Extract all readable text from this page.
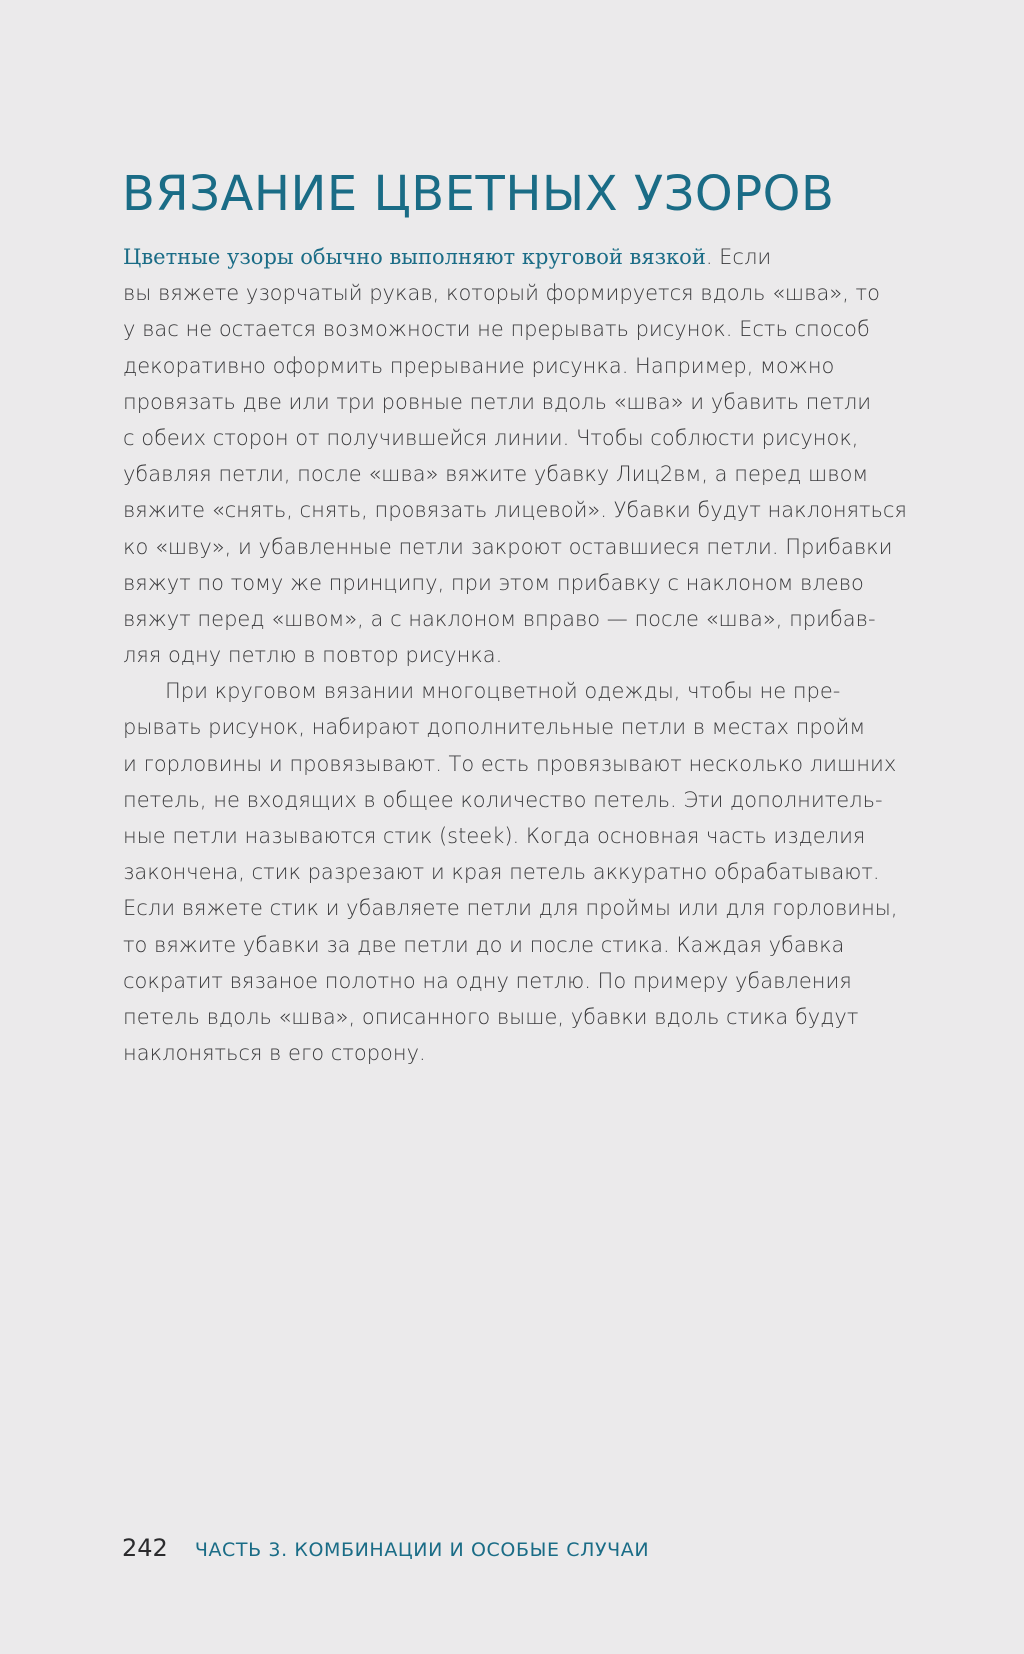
ВЯЗАНИЕ ЦВЕТНЫХ УЗОРОВ
Цветные узоры обычно выполняют круговой вязкой. Если
вы вяжете узорчатый рукав, который формируется вдоль «шва», то
у вас не остается возможности не прерывать рисунок. Есть способ
декоративно оформить прерывание рисунка. Например, можно
провязать две или три ровные петли вдоль «шва» и убавить петли
с обеих сторон от получившейся линии. Чтобы соблюсти рисунок,
убавляя петли, после «шва» вяжите убавку Лиц2вм, а перед швом
вяжите «снять, снять, провязать лицевой». Убавки будут наклоняться
ко «шву», и убавленные петли закроют оставшиеся петли. Прибавки
вяжут по тому же принципу, при этом прибавку с наклоном влево
вяжут перед «швом», а с наклоном вправо — после «шва», прибав-
ляя одну петлю в повтор рисунка.
При круговом вязании многоцветной одежды, чтобы не пре-
рывать рисунок, набирают дополнительные петли в местах пройм
и горловины и провязывают. То есть провязывают несколько лишних
петель, не входящих в общее количество петель. Эти дополнитель-
ные петли называются стик (steek). Когда основная часть изделия
закончена, стик разрезают и края петель аккуратно обрабатывают.
Если вяжете стик и убавляете петли для проймы или для горловины,
то вяжите убавки за две петли до и после стика. Каждая убавка
сократит вязаное полотно на одну петлю. По примеру убавления
петель вдоль «шва», описанного выше, убавки вдоль стика будут
наклоняться в его сторону.
242 ЧАСТЬ 3. КОМБИНАЦИИ И ОСОБЫЕ СЛУЧАИ
